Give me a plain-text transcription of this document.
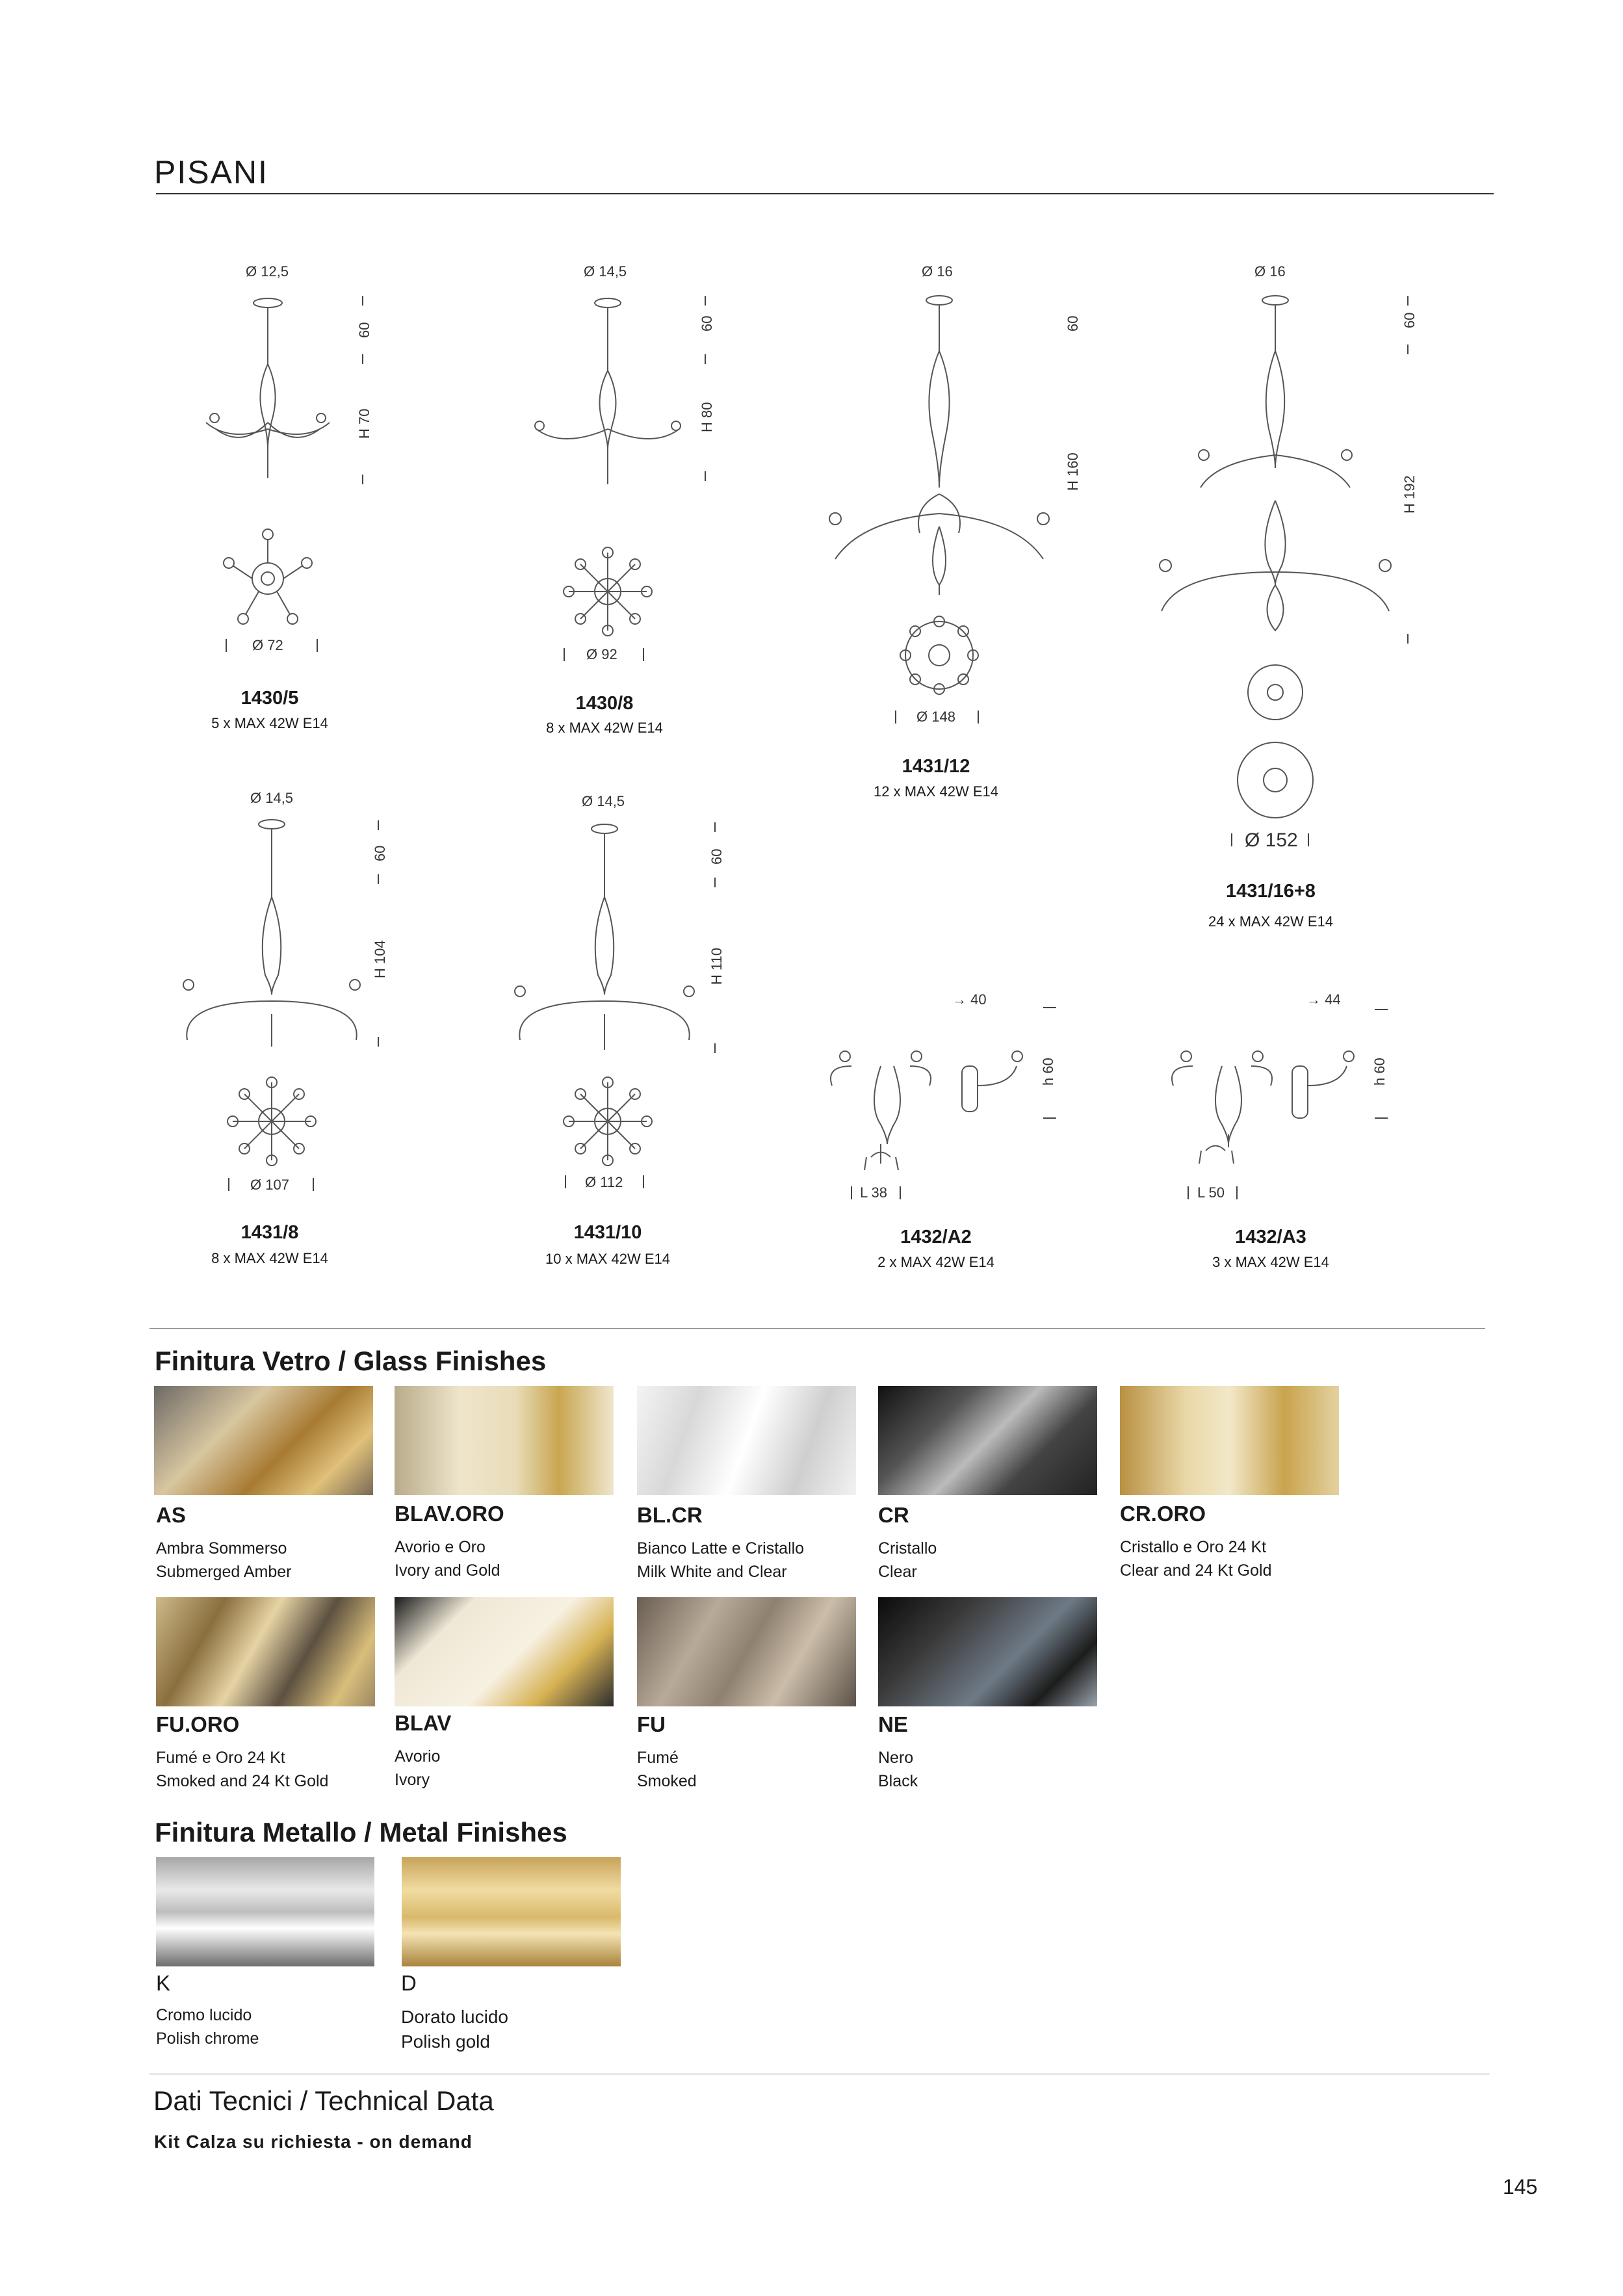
PISANI
Ø 12,5
60
H 70
Ø 72
Ø 14,5
60
H 80
Ø 92
Ø 16
60
H 160
Ø 148
Ø 16
60
H 192
Ø 152
Ø 14,5
60
H 104
Ø 107
Ø 14,5
60
H 110
Ø 112
→ 40
h 60
L 38
→ 44
h 60
L 50
1430/5
5 x MAX 42W E14
1430/8
8 x MAX 42W E14
1431/12
12 x MAX 42W E14
1431/16+8
24 x MAX 42W E14
1431/8
8 x MAX 42W E14
1431/10
10 x MAX 42W E14
1432/A2
2 x MAX 42W E14
1432/A3
3 x MAX 42W E14
Finitura Vetro / Glass Finishes
AS
Ambra Sommerso
Submerged Amber
BLAV.ORO
Avorio e Oro
Ivory and Gold
BL.CR
Bianco Latte e Cristallo
Milk White and Clear
CR
Cristallo
Clear
CR.ORO
Cristallo e Oro 24 Kt
Clear and 24 Kt Gold
FU.ORO
Fumé e Oro 24 Kt
Smoked and 24 Kt Gold
BLAV
Avorio
Ivory
FU
Fumé
Smoked
NE
Nero
Black
Finitura Metallo / Metal Finishes
K
Cromo lucido
Polish chrome
D
Dorato lucido
Polish gold
Dati Tecnici / Technical Data
Kit Calza su richiesta - on demand
145
